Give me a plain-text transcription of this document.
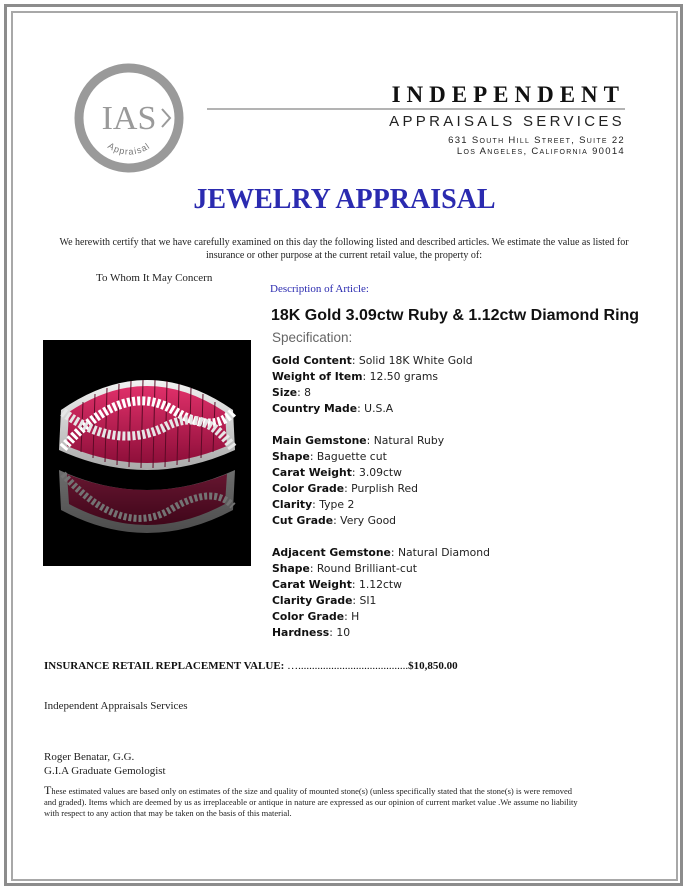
IAS
Appraisal
INDEPENDENT
APPRAISALS SERVICES
631 South Hill Street, Suite 22
Los Angeles, California 90014
JEWELRY APPRAISAL
We herewith certify that we have carefully examined on this day the following listed and described articles. We estimate the value as listed for insurance or other purpose at the current retail value, the property of:
To Whom It May Concern
Description of Article:
18K Gold 3.09ctw Ruby & 1.12ctw Diamond Ring
Specification:
Gold Content: Solid 18K White Gold
Weight of Item: 12.50 grams
Size: 8
Country Made: U.S.A
Main Gemstone: Natural Ruby
Shape: Baguette cut
Carat Weight: 3.09ctw
Color Grade: Purplish Red
Clarity: Type 2
Cut Grade: Very Good
Adjacent Gemstone: Natural Diamond
Shape: Round Brilliant-cut
Carat Weight: 1.12ctw
Clarity Grade: SI1
Color Grade: H
Hardness: 10
INSURANCE RETAIL REPLACEMENT VALUE: …........................................$10,850.00
Independent Appraisals Services
Roger Benatar, G.G.
G.I.A Graduate Gemologist
These estimated values are based only on estimates of the size and quality of mounted stone(s) (unless specifically stated that the stone(s) is were removed and graded). Items which are deemed by us as irreplaceable or antique in nature are expressed as our opinion of current market value .We assume no liability with respect to any action that may be taken on the basis of this material.
